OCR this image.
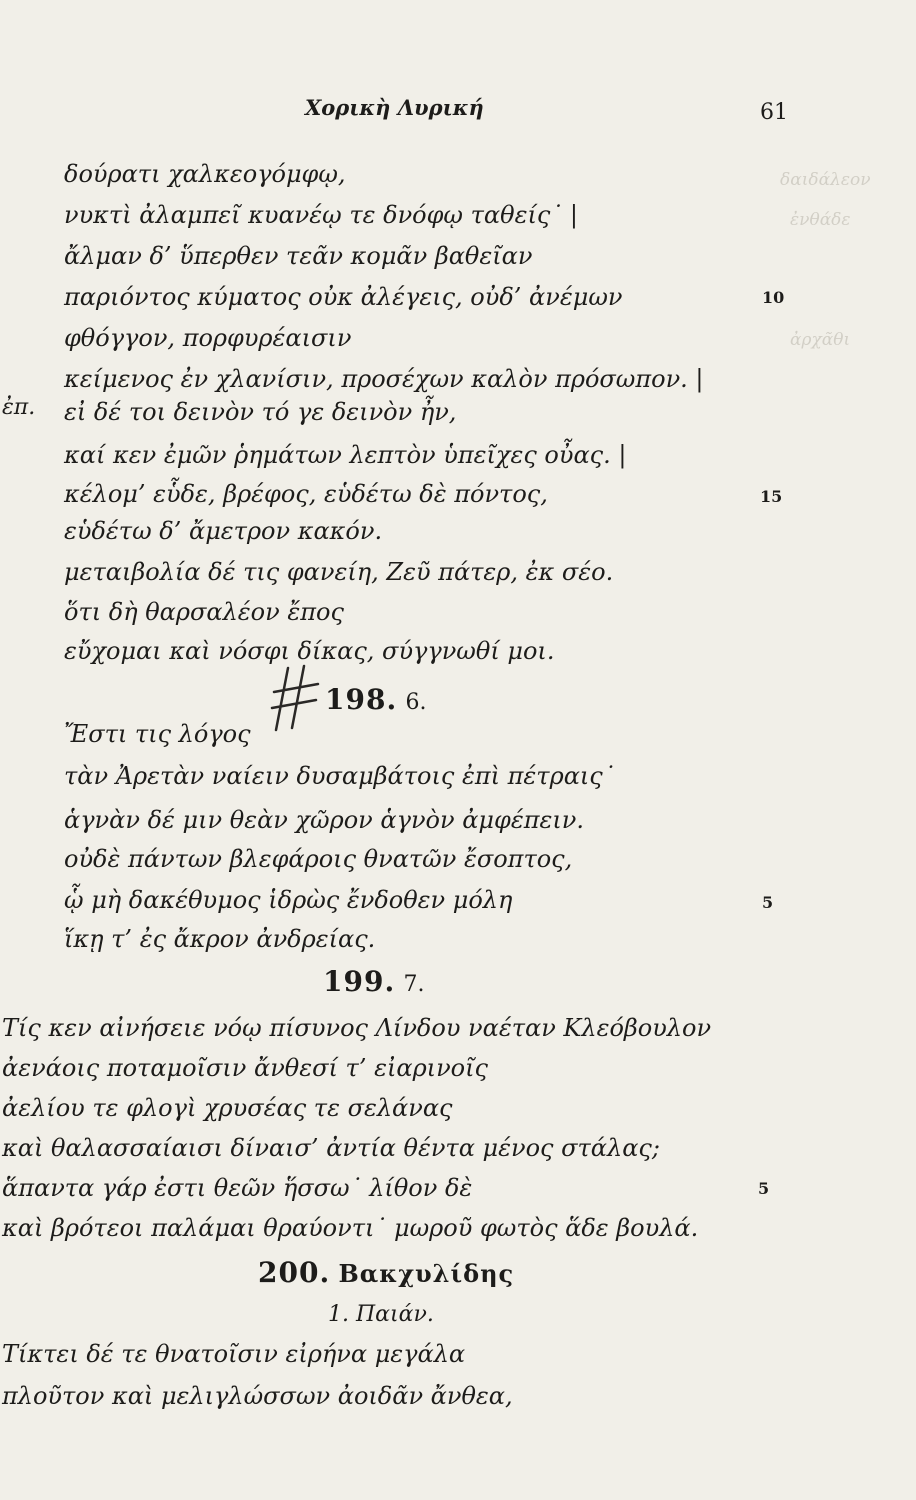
δαιδάλεον
ἐνθάδε
ἀρχᾶθι
Χορικὴ Λυρική	61
δούρατι χαλκεογόμφῳ,
νυκτὶ ἀλαμπεῖ κυανέῳ τε δνόφῳ ταθείς˙ |
ἄλμαν δ’ ὕπερθεν τεᾶν κομᾶν βαθεῖαν
παριόντος κύματος οὐκ ἀλέγεις, οὐδ’ ἀνέμων	10
φθόγγον, πορφυρέαισιν
κείμενος ἐν χλανίσιν, προσέχων καλὸν πρόσωπον. |
ἐπ. εἰ δέ τοι δεινὸν τό γε δεινὸν ἦν,
καί κεν ἐμῶν ῥημάτων λεπτὸν ὑπεῖχες οὖας. |
κέλομ’ εὗδε, βρέφος, εὑδέτω δὲ πόντος,	15
εὑδέτω δ’ ἄμετρον κακόν.
μεταιβολία δέ τις φανείη, Ζεῦ πάτερ, ἐκ σέο.
ὅτι δὴ θαρσαλέον ἔπος
εὔχομαι καὶ νόσφι δίκας, σύγγνωθί μοι.
198. 6.
Ἔστι τις λόγος
τὰν Ἀρετὰν ναίειν δυσαμβάτοις ἐπὶ πέτραις˙
ἁγνὰν δέ μιν θεὰν χῶρον ἁγνὸν ἀμφέπειν.
οὐδὲ πάντων βλεφάροις θνατῶν ἔσοπτος,
ᾧ μὴ δακέθυμος ἱδρὼς ἔνδοθεν μόλη	5
ἵκῃ τ’ ἐς ἄκρον ἀνδρείας.
199. 7.
Τίς κεν αἰνήσειε νόῳ πίσυνος Λίνδου ναέταν Κλεόβουλον
ἀενάοις ποταμοῖσιν ἄνθεσί τ’ εἰαρινοῖς
ἀελίου τε φλογὶ χρυσέας τε σελάνας
καὶ θαλασσαίαισι δίναισ’ ἀντία θέντα μένος στάλας;
ἅπαντα γάρ ἐστι θεῶν ἥσσω˙ λίθον δὲ	5
καὶ βρότεοι παλάμαι θραύοντι˙ μωροῦ φωτὸς ἅδε βουλά.
200. Βακχυλίδης
1. Παιάν.
Τίκτει δέ τε θνατοῖσιν εἰρήνα μεγάλα
πλοῦτον καὶ μελιγλώσσων ἀοιδᾶν ἄνθεα,
